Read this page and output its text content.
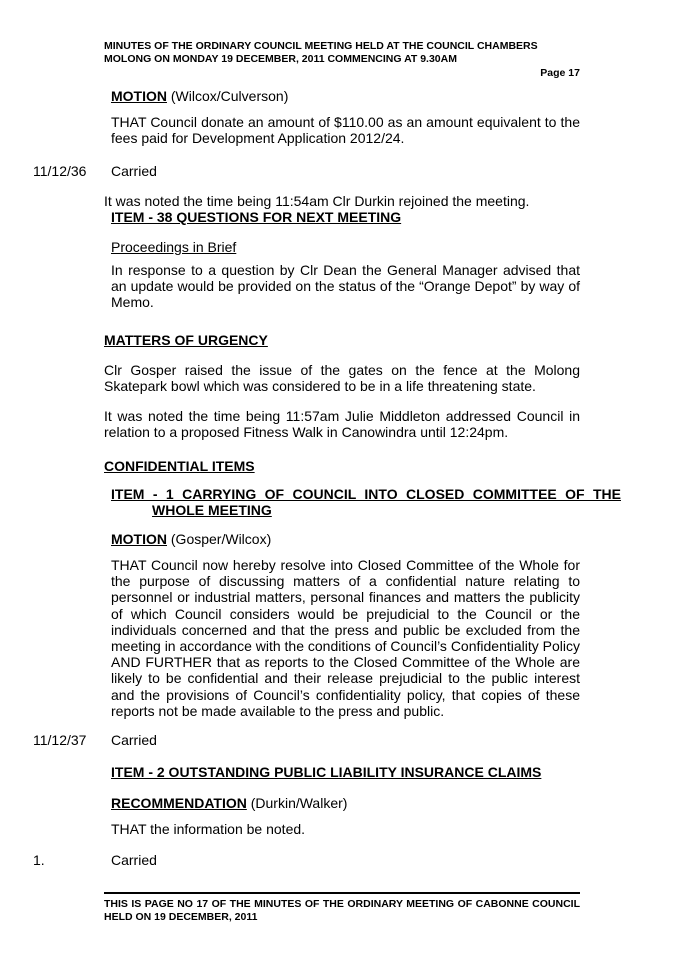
MINUTES OF THE ORDINARY COUNCIL MEETING HELD AT THE COUNCIL CHAMBERS
MOLONG ON MONDAY 19 DECEMBER, 2011 COMMENCING AT 9.30AM
Page 17
MOTION (Wilcox/Culverson)
THAT Council donate an amount of $110.00 as an amount equivalent to the fees paid for Development Application 2012/24.
11/12/36 Carried
It was noted the time being 11:54am Clr Durkin rejoined the meeting.
ITEM - 38 QUESTIONS FOR NEXT MEETING
Proceedings in Brief
In response to a question by Clr Dean the General Manager advised that an update would be provided on the status of the “Orange Depot” by way of Memo.
MATTERS OF URGENCY
Clr Gosper raised the issue of the gates on the fence at the Molong Skatepark bowl which was considered to be in a life threatening state.
It was noted the time being 11:57am Julie Middleton addressed Council in relation to a proposed Fitness Walk in Canowindra until 12:24pm.
CONFIDENTIAL ITEMS
ITEM - 1 CARRYING OF COUNCIL INTO CLOSED COMMITTEE OF THE WHOLE MEETING
MOTION (Gosper/Wilcox)
THAT Council now hereby resolve into Closed Committee of the Whole for the purpose of discussing matters of a confidential nature relating to personnel or industrial matters, personal finances and matters the publicity of which Council considers would be prejudicial to the Council or the individuals concerned and that the press and public be excluded from the meeting in accordance with the conditions of Council’s Confidentiality Policy AND FURTHER that as reports to the Closed Committee of the Whole are likely to be confidential and their release prejudicial to the public interest and the provisions of Council’s confidentiality policy, that copies of these reports not be made available to the press and public.
11/12/37 Carried
ITEM - 2 OUTSTANDING PUBLIC LIABILITY INSURANCE CLAIMS
RECOMMENDATION (Durkin/Walker)
THAT the information be noted.
1.	Carried
THIS IS PAGE NO 17 OF THE MINUTES OF THE ORDINARY MEETING OF CABONNE COUNCIL HELD ON 19 DECEMBER, 2011
